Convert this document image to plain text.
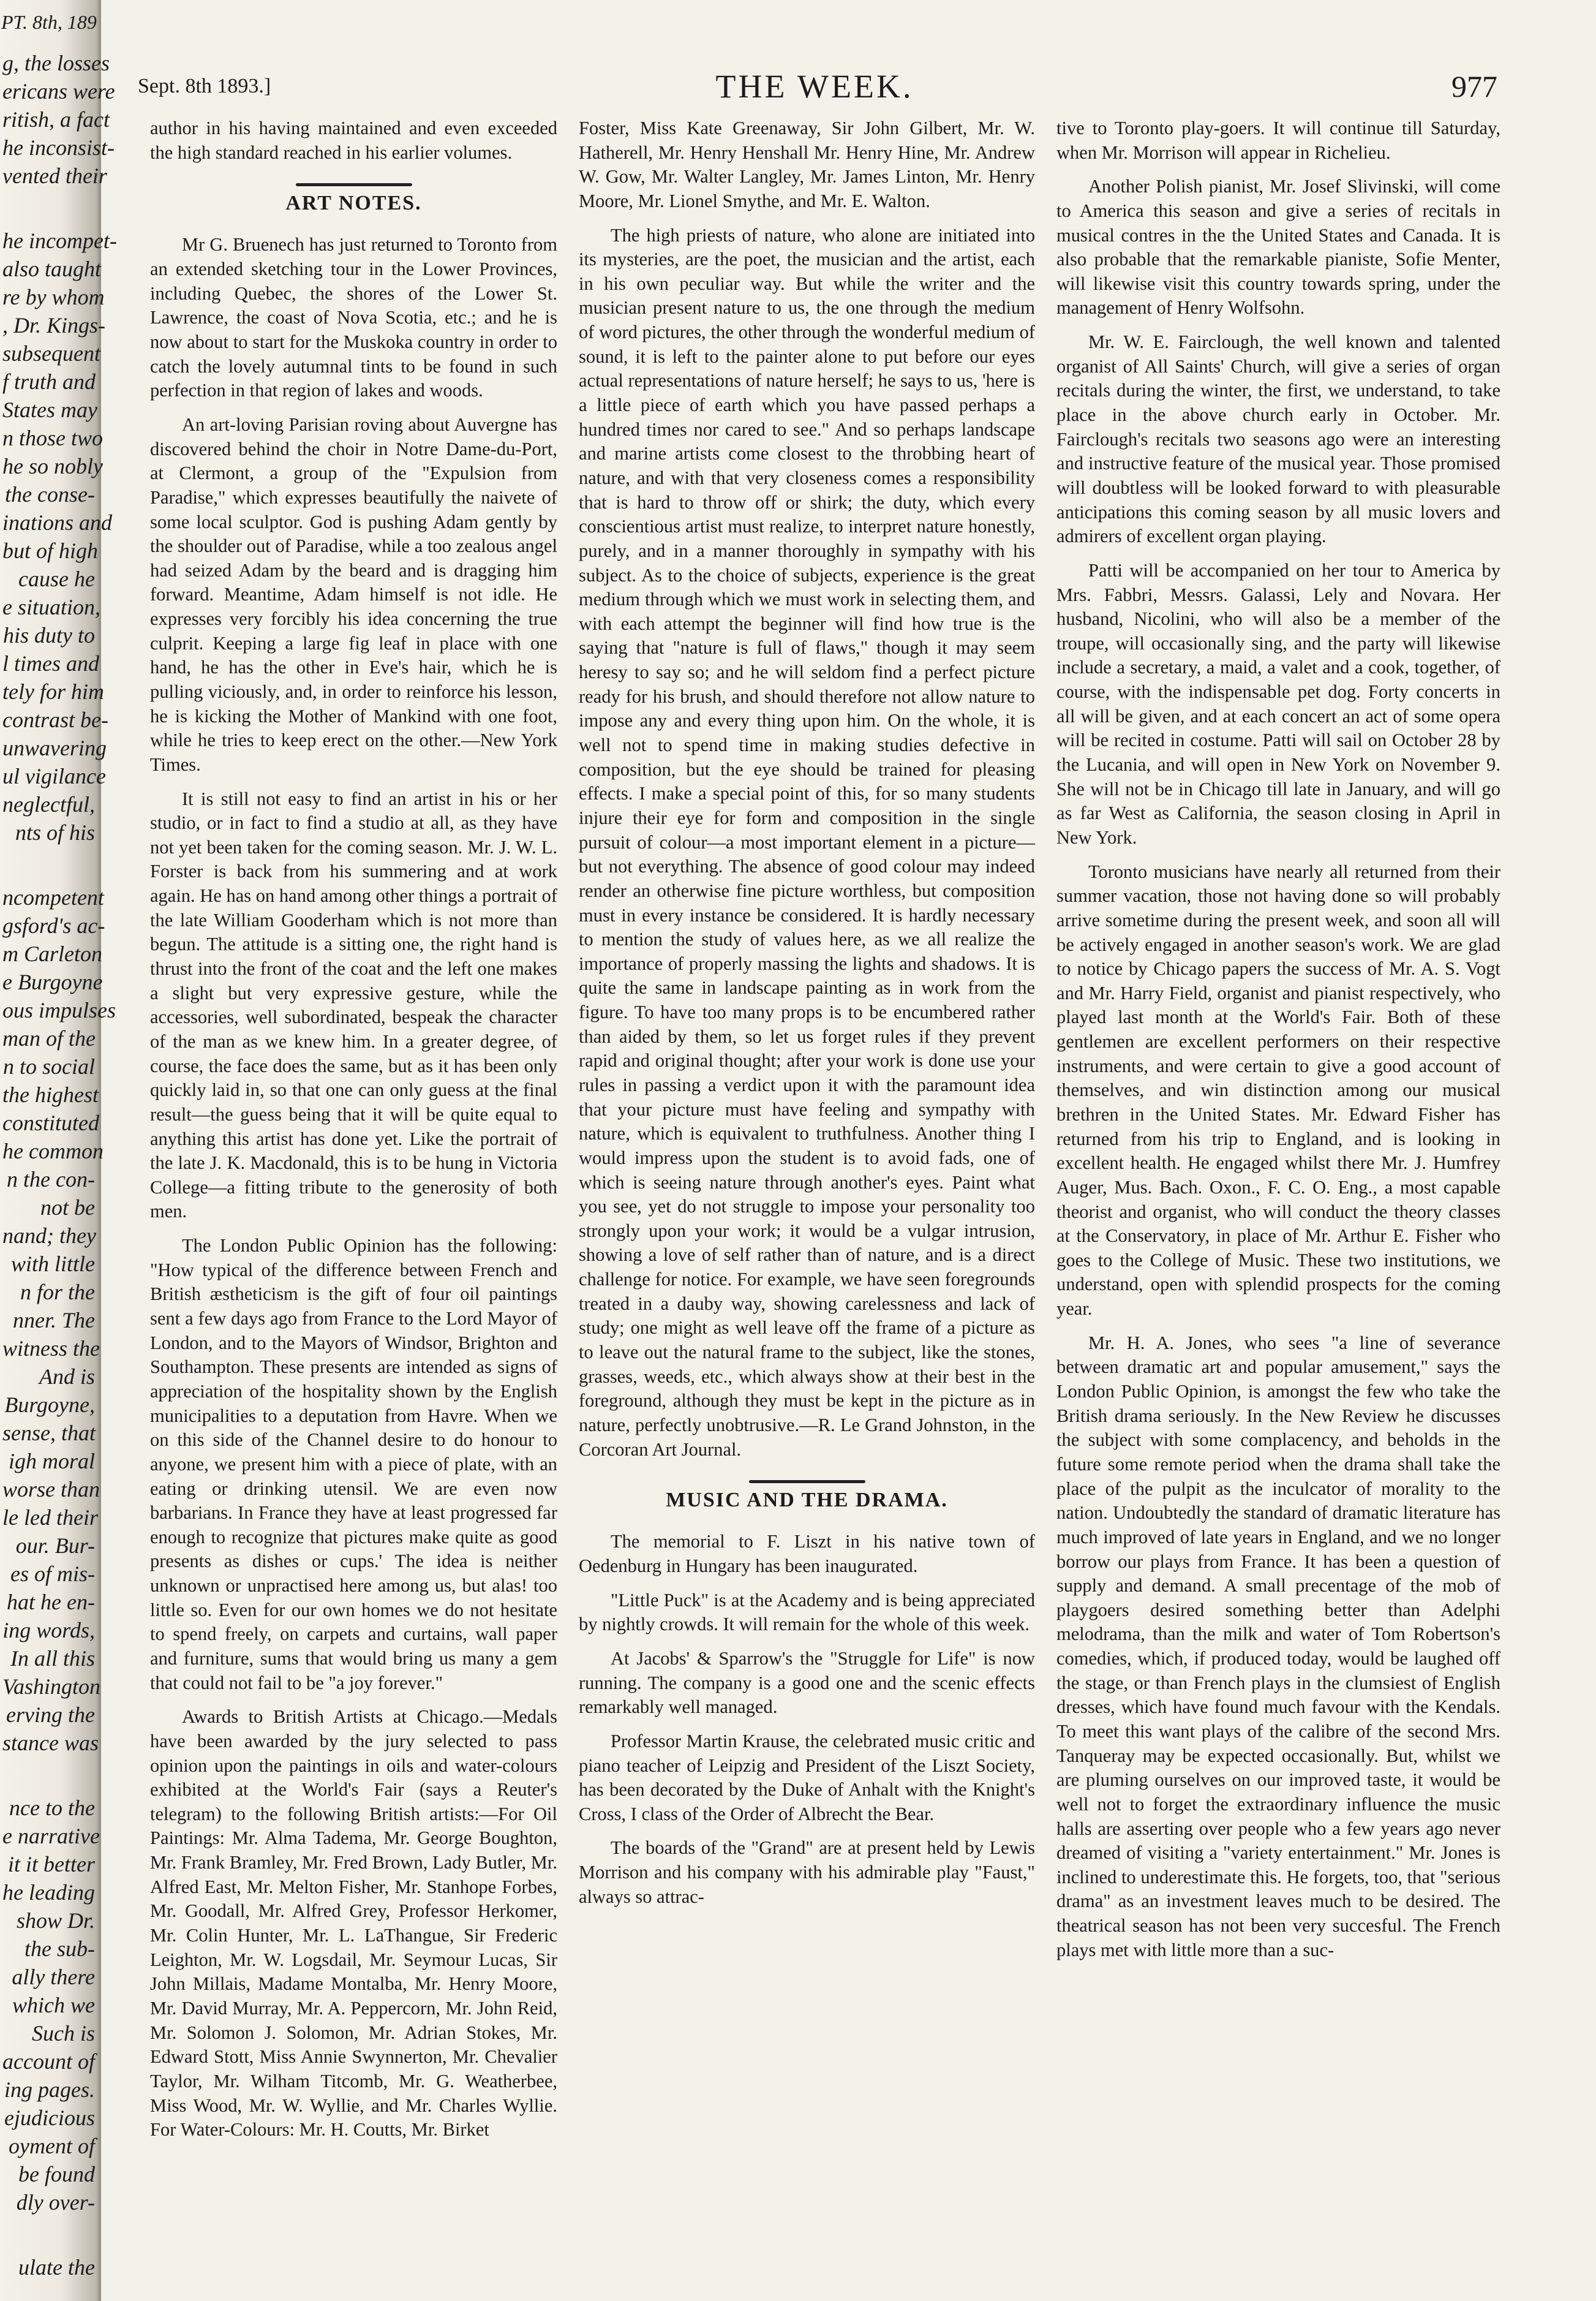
PT. 8th, 189
g, the losses
ericans were
ritish, a fact
he inconsist-
vented their
he incompet-
also taught
re by whom
, Dr. Kings-
subsequent
f truth and
States may
n those two
he so nobly
the conse-
inations and
but of high
cause he
e situation,
his duty to
l times and
tely for him
contrast be-
unwavering
ul vigilance
neglectful,
nts of his
ncompetent
gsford's ac-
m Carleton
e Burgoyne
ous impulses
man of the
n to social
the highest
constituted
he common
n the con-
not be
nand; they
with little
n for the
nner. The
witness the
And is
Burgoyne,
sense, that
igh moral
worse than
le led their
our. Bur-
es of mis-
hat he en-
ing words,
In all this
Vashington
erving the
stance was
nce to the
e narrative
it it better
he leading
show Dr.
the sub-
ally there
which we
Such is
account of
ing pages.
ejudicious
oyment of
be found
dly over-
ulate the
Sept. 8th 1893.]	THE WEEK.	977

author in his having maintained and even exceeded the high standard reached in his earlier volumes.

ART NOTES.

Mr G. Bruenech has just returned to Toronto from an extended sketching tour in the Lower Provinces, including Quebec, the shores of the Lower St. Lawrence, the coast of Nova Scotia, etc.; and he is now about to start for the Muskoka country in order to catch the lovely autumnal tints to be found in such perfection in that region of lakes and woods.

An art-loving Parisian roving about Auvergne has discovered behind the choir in Notre Dame-du-Port, at Clermont, a group of the "Expulsion from Paradise," which expresses beautifully the naivete of some local sculptor. God is pushing Adam gently by the shoulder out of Paradise, while a too zealous angel had seized Adam by the beard and is dragging him forward. Meantime, Adam himself is not idle. He expresses very forcibly his idea concerning the true culprit. Keeping a large fig leaf in place with one hand, he has the other in Eve's hair, which he is pulling viciously, and, in order to reinforce his lesson, he is kicking the Mother of Mankind with one foot, while he tries to keep erect on the other.—New York Times.

It is still not easy to find an artist in his or her studio, or in fact to find a studio at all, as they have not yet been taken for the coming season. Mr. J. W. L. Forster is back from his summering and at work again. He has on hand among other things a portrait of the late William Gooderham which is not more than begun. The attitude is a sitting one, the right hand is thrust into the front of the coat and the left one makes a slight but very expressive gesture, while the accessories, well subordinated, bespeak the character of the man as we knew him. In a greater degree, of course, the face does the same, but as it has been only quickly laid in, so that one can only guess at the final result—the guess being that it will be quite equal to anything this artist has done yet. Like the portrait of the late J. K. Macdonald, this is to be hung in Victoria College—a fitting tribute to the generosity of both men.

The London Public Opinion has the following: "How typical of the difference between French and British æstheticism is the gift of four oil paintings sent a few days ago from France to the Lord Mayor of London, and to the Mayors of Windsor, Brighton and Southampton. These presents are intended as signs of appreciation of the hospitality shown by the English municipalities to a deputation from Havre. When we on this side of the Channel desire to do honour to anyone, we present him with a piece of plate, with an eating or drinking utensil. We are even now barbarians. In France they have at least progressed far enough to recognize that pictures make quite as good presents as dishes or cups.' The idea is neither unknown or unpractised here among us, but alas! too little so. Even for our own homes we do not hesitate to spend freely, on carpets and curtains, wall paper and furniture, sums that would bring us many a gem that could not fail to be "a joy forever."

Awards to British Artists at Chicago.—Medals have been awarded by the jury selected to pass opinion upon the paintings in oils and water-colours exhibited at the World's Fair (says a Reuter's telegram) to the following British artists:—For Oil Paintings: Mr. Alma Tadema, Mr. George Boughton, Mr. Frank Bramley, Mr. Fred Brown, Lady Butler, Mr. Alfred East, Mr. Melton Fisher, Mr. Stanhope Forbes, Mr. Goodall, Mr. Alfred Grey, Professor Herkomer, Mr. Colin Hunter, Mr. L. LaThangue, Sir Frederic Leighton, Mr. W. Logsdail, Mr. Seymour Lucas, Sir John Millais, Madame Montalba, Mr. Henry Moore, Mr. David Murray, Mr. A. Peppercorn, Mr. John Reid, Mr. Solomon J. Solomon, Mr. Adrian Stokes, Mr. Edward Stott, Miss Annie Swynnerton, Mr. Chevalier Taylor, Mr. Wilham Titcomb, Mr. G. Weatherbee, Miss Wood, Mr. W. Wyllie, and Mr. Charles Wyllie. For Water-Colours: Mr. H. Coutts, Mr. Birket

Foster, Miss Kate Greenaway, Sir John Gilbert, Mr. W. Hatherell, Mr. Henry Henshall Mr. Henry Hine, Mr. Andrew W. Gow, Mr. Walter Langley, Mr. James Linton, Mr. Henry Moore, Mr. Lionel Smythe, and Mr. E. Walton.

The high priests of nature, who alone are initiated into its mysteries, are the poet, the musician and the artist, each in his own peculiar way. But while the writer and the musician present nature to us, the one through the medium of word pictures, the other through the wonderful medium of sound, it is left to the painter alone to put before our eyes actual representations of nature herself; he says to us, 'here is a little piece of earth which you have passed perhaps a hundred times nor cared to see." And so perhaps landscape and marine artists come closest to the throbbing heart of nature, and with that very closeness comes a responsibility that is hard to throw off or shirk; the duty, which every conscientious artist must realize, to interpret nature honestly, purely, and in a manner thoroughly in sympathy with his subject. As to the choice of subjects, experience is the great medium through which we must work in selecting them, and with each attempt the beginner will find how true is the saying that "nature is full of flaws," though it may seem heresy to say so; and he will seldom find a perfect picture ready for his brush, and should therefore not allow nature to impose any and every thing upon him. On the whole, it is well not to spend time in making studies defective in composition, but the eye should be trained for pleasing effects. I make a special point of this, for so many students injure their eye for form and composition in the single pursuit of colour—a most important element in a picture—but not everything. The absence of good colour may indeed render an otherwise fine picture worthless, but composition must in every instance be considered. It is hardly necessary to mention the study of values here, as we all realize the importance of properly massing the lights and shadows. It is quite the same in landscape painting as in work from the figure. To have too many props is to be encumbered rather than aided by them, so let us forget rules if they prevent rapid and original thought; after your work is done use your rules in passing a verdict upon it with the paramount idea that your picture must have feeling and sympathy with nature, which is equivalent to truthfulness. Another thing I would impress upon the student is to avoid fads, one of which is seeing nature through another's eyes. Paint what you see, yet do not struggle to impose your personality too strongly upon your work; it would be a vulgar intrusion, showing a love of self rather than of nature, and is a direct challenge for notice. For example, we have seen foregrounds treated in a dauby way, showing carelessness and lack of study; one might as well leave off the frame of a picture as to leave out the natural frame to the subject, like the stones, grasses, weeds, etc., which always show at their best in the foreground, although they must be kept in the picture as in nature, perfectly unobtrusive.—R. Le Grand Johnston, in the Corcoran Art Journal.

MUSIC AND THE DRAMA.

The memorial to F. Liszt in his native town of Oedenburg in Hungary has been inaugurated.

"Little Puck" is at the Academy and is being appreciated by nightly crowds. It will remain for the whole of this week.

At Jacobs' & Sparrow's the "Struggle for Life" is now running. The company is a good one and the scenic effects remarkably well managed.

Professor Martin Krause, the celebrated music critic and piano teacher of Leipzig and President of the Liszt Society, has been decorated by the Duke of Anhalt with the Knight's Cross, I class of the Order of Albrecht the Bear.

The boards of the "Grand" are at present held by Lewis Morrison and his company with his admirable play "Faust," always so attrac-

tive to Toronto play-goers. It will continue till Saturday, when Mr. Morrison will appear in Richelieu.

Another Polish pianist, Mr. Josef Slivinski, will come to America this season and give a series of recitals in musical contres in the the United States and Canada. It is also probable that the remarkable pianiste, Sofie Menter, will likewise visit this country towards spring, under the management of Henry Wolfsohn.

Mr. W. E. Fairclough, the well known and talented organist of All Saints' Church, will give a series of organ recitals during the winter, the first, we understand, to take place in the above church early in October. Mr. Fairclough's recitals two seasons ago were an interesting and instructive feature of the musical year. Those promised will doubtless will be looked forward to with pleasurable anticipations this coming season by all music lovers and admirers of excellent organ playing.

Patti will be accompanied on her tour to America by Mrs. Fabbri, Messrs. Galassi, Lely and Novara. Her husband, Nicolini, who will also be a member of the troupe, will occasionally sing, and the party will likewise include a secretary, a maid, a valet and a cook, together, of course, with the indispensable pet dog. Forty concerts in all will be given, and at each concert an act of some opera will be recited in costume. Patti will sail on October 28 by the Lucania, and will open in New York on November 9. She will not be in Chicago till late in January, and will go as far West as California, the season closing in April in New York.

Toronto musicians have nearly all returned from their summer vacation, those not having done so will probably arrive sometime during the present week, and soon all will be actively engaged in another season's work. We are glad to notice by Chicago papers the success of Mr. A. S. Vogt and Mr. Harry Field, organist and pianist respectively, who played last month at the World's Fair. Both of these gentlemen are excellent performers on their respective instruments, and were certain to give a good account of themselves, and win distinction among our musical brethren in the United States. Mr. Edward Fisher has returned from his trip to England, and is looking in excellent health. He engaged whilst there Mr. J. Humfrey Auger, Mus. Bach. Oxon., F. C. O. Eng., a most capable theorist and organist, who will conduct the theory classes at the Conservatory, in place of Mr. Arthur E. Fisher who goes to the College of Music. These two institutions, we understand, open with splendid prospects for the coming year.

Mr. H. A. Jones, who sees "a line of severance between dramatic art and popular amusement," says the London Public Opinion, is amongst the few who take the British drama seriously. In the New Review he discusses the subject with some complacency, and beholds in the future some remote period when the drama shall take the place of the pulpit as the inculcator of morality to the nation. Undoubtedly the standard of dramatic literature has much improved of late years in England, and we no longer borrow our plays from France. It has been a question of supply and demand. A small precentage of the mob of playgoers desired something better than Adelphi melodrama, than the milk and water of Tom Robertson's comedies, which, if produced today, would be laughed off the stage, or than French plays in the clumsiest of English dresses, which have found much favour with the Kendals. To meet this want plays of the calibre of the second Mrs. Tanqueray may be expected occasionally. But, whilst we are pluming ourselves on our improved taste, it would be well not to forget the extraordinary influence the music halls are asserting over people who a few years ago never dreamed of visiting a "variety entertainment." Mr. Jones is inclined to underestimate this. He forgets, too, that "serious drama" as an investment leaves much to be desired. The theatrical season has not been very succesful. The French plays met with little more than a suc-
